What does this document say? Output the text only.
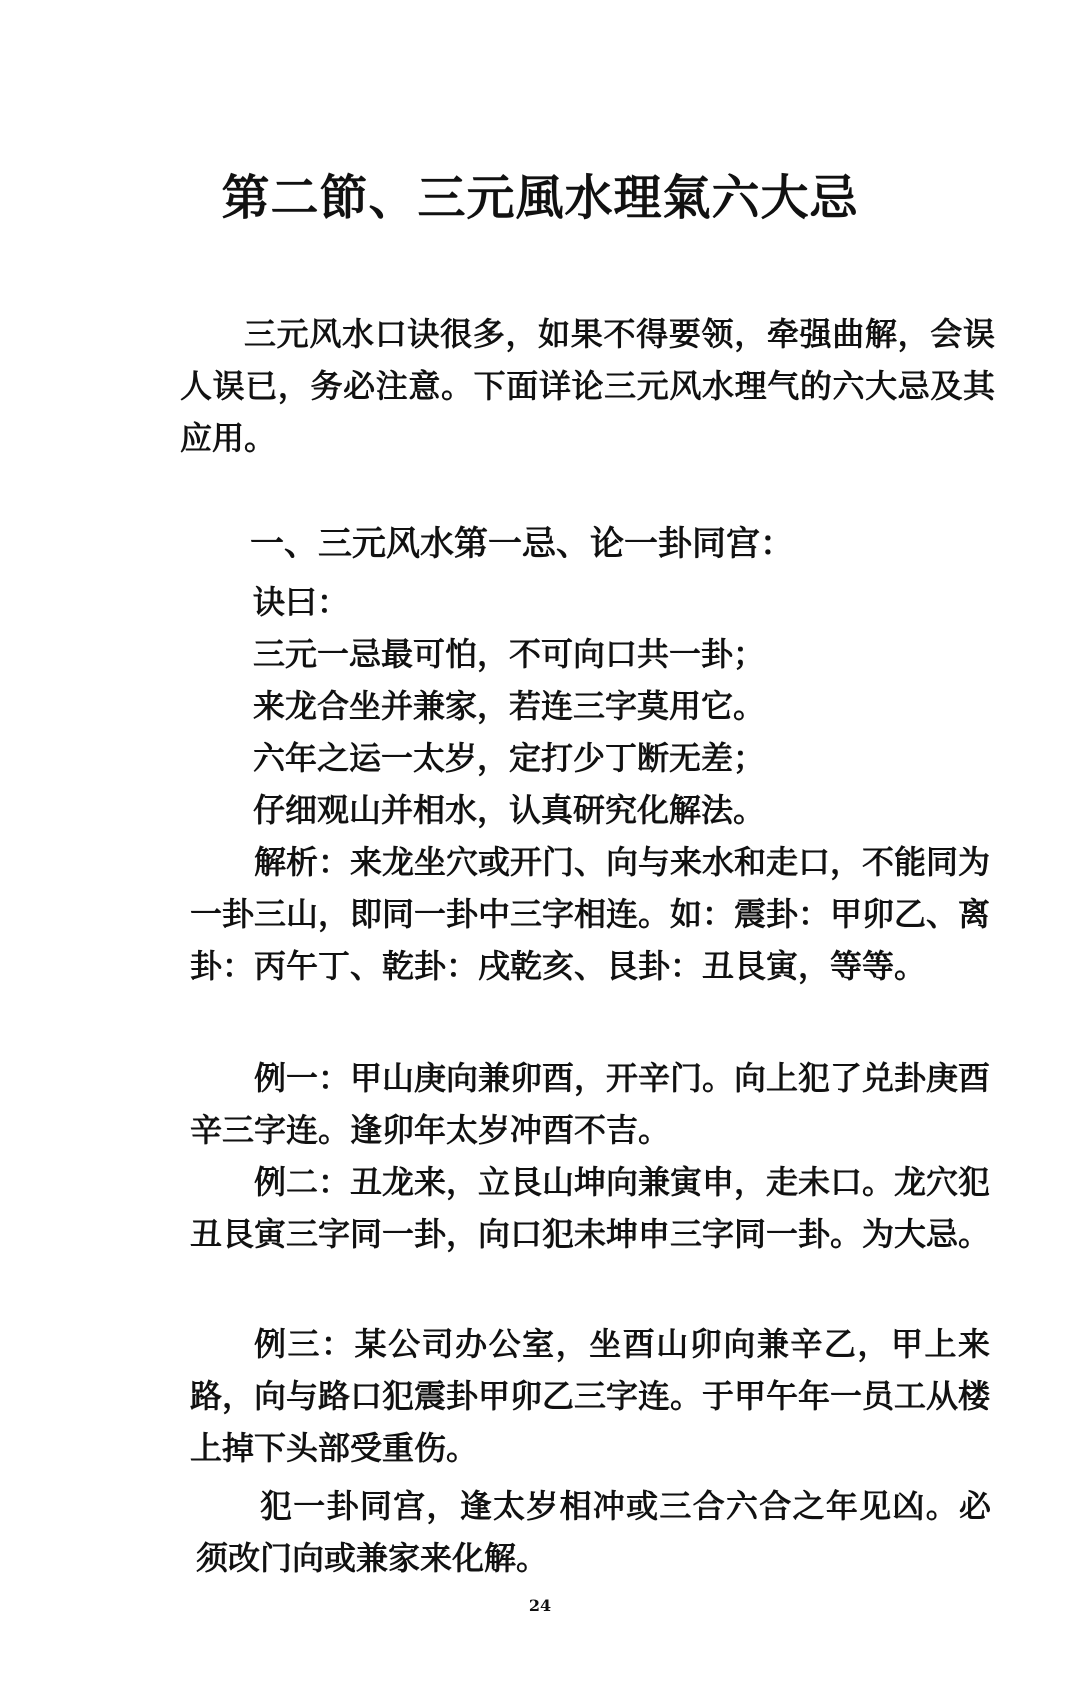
第二節、三元風水理氣六大忌

三元风水口诀很多，如果不得要领，牵强曲解，会误人误已，务必注意。下面详论三元风水理气的六大忌及其应用。

一、三元风水第一忌、论一卦同宫：

诀曰：

三元一忌最可怕，不可向口共一卦；

来龙合坐并兼家，若连三字莫用它。

六年之运一太岁，定打少丁断无差；

仔细观山并相水，认真研究化解法。

解析：来龙坐穴或开门、向与来水和走口，不能同为一卦三山，即同一卦中三字相连。如：震卦：甲卯乙、离卦：丙午丁、乾卦：戌乾亥、艮卦：丑艮寅，等等。

例一：甲山庚向兼卯酉，开辛门。向上犯了兑卦庚酉辛三字连。逢卯年太岁冲酉不吉。

例二：丑龙来，立艮山坤向兼寅申，走未口。龙穴犯丑艮寅三字同一卦，向口犯未坤申三字同一卦。为大忌。

例三：某公司办公室，坐酉山卯向兼辛乙，甲上来路，向与路口犯震卦甲卯乙三字连。于甲午年一员工从楼上掉下头部受重伤。

犯一卦同宫，逢太岁相冲或三合六合之年见凶。必须改门向或兼家来化解。

24
